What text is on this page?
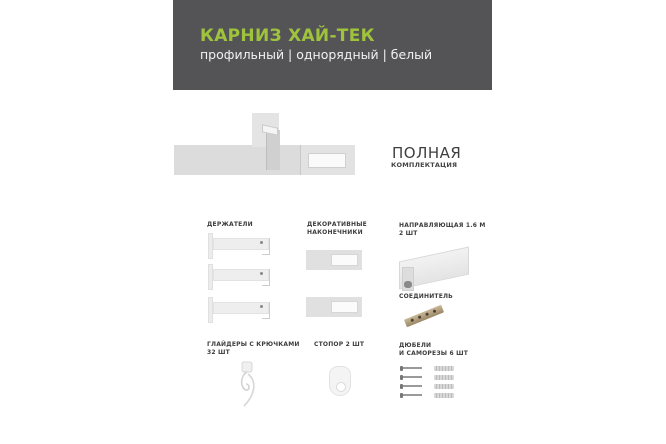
КАРНИЗ ХАЙ-ТЕК
профильный | однорядный | белый
ПОЛНАЯ
КОМПЛЕКТАЦИЯ
ДЕРЖАТЕЛИ	ДЕКОРАТИВНЫЕ
НАКОНЕЧНИКИ
НАПРАВЛЯЮЩАЯ 1.6 М
2 ШТ
СОЕДИНИТЕЛЬ
ГЛАЙДЕРЫ С КРЮЧКАМИ
32 ШТ
СТОПОР 2 ШТ	ДЮБЕЛИ
И САМОРЕЗЫ 6 ШТ
